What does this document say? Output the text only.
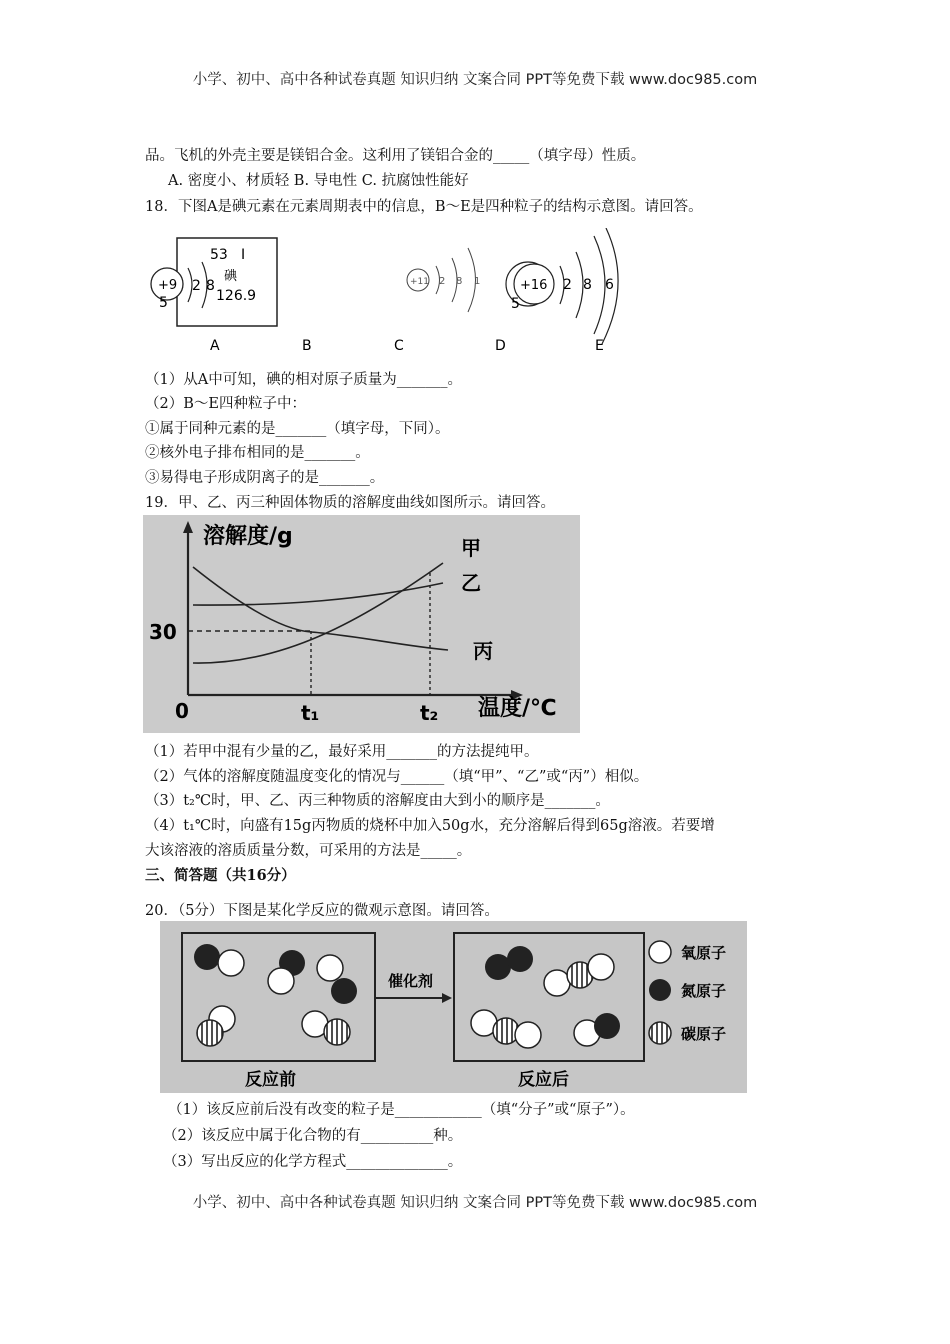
小学、初中、高中各种试卷真题 知识归纳 文案合同 PPT等免费下载 www.doc985.com
品。飞机的外壳主要是镁铝合金。这利用了镁铝合金的_____（填字母）性质。
A. 密度小、材质轻 B. 导电性 C. 抗腐蚀性能好
18．下图A是碘元素在元素周期表中的信息，B～E是四种粒子的结构示意图。请回答。
53 I
碘
126.9
+9 2 8
5
+11 2 8 1	+16 2 8 6
5
A	B	C	D	E
（1）从A中可知，碘的相对原子质量为_______。
（2）B～E四种粒子中：
①属于同种元素的是_______（填字母，下同）。
②核外电子排布相同的是_______。
③易得电子形成阴离子的是_______。
19．甲、乙、丙三种固体物质的溶解度曲线如图所示。请回答。
溶解度/g
温度/℃
0
30
t₁	t₂
甲
乙
丙
（1）若甲中混有少量的乙，最好采用_______的方法提纯甲。
（2）气体的溶解度随温度变化的情况与______（填“甲”、“乙”或“丙”）相似。
（3）t₂℃时，甲、乙、丙三种物质的溶解度由大到小的顺序是_______。
（4）t₁℃时，向盛有15g丙物质的烧杯中加入50g水，充分溶解后得到65g溶液。若要增
大该溶液的溶质质量分数，可采用的方法是_____。
三、简答题（共16分）
20．（5分）下图是某化学反应的微观示意图。请回答。
催化剂
氧原子
氮原子
碳原子
反应前	反应后
（1）该反应前后没有改变的粒子是____________（填“分子”或“原子”）。
（2）该反应中属于化合物的有__________种。
（3）写出反应的化学方程式______________。
小学、初中、高中各种试卷真题 知识归纳 文案合同 PPT等免费下载 www.doc985.com
